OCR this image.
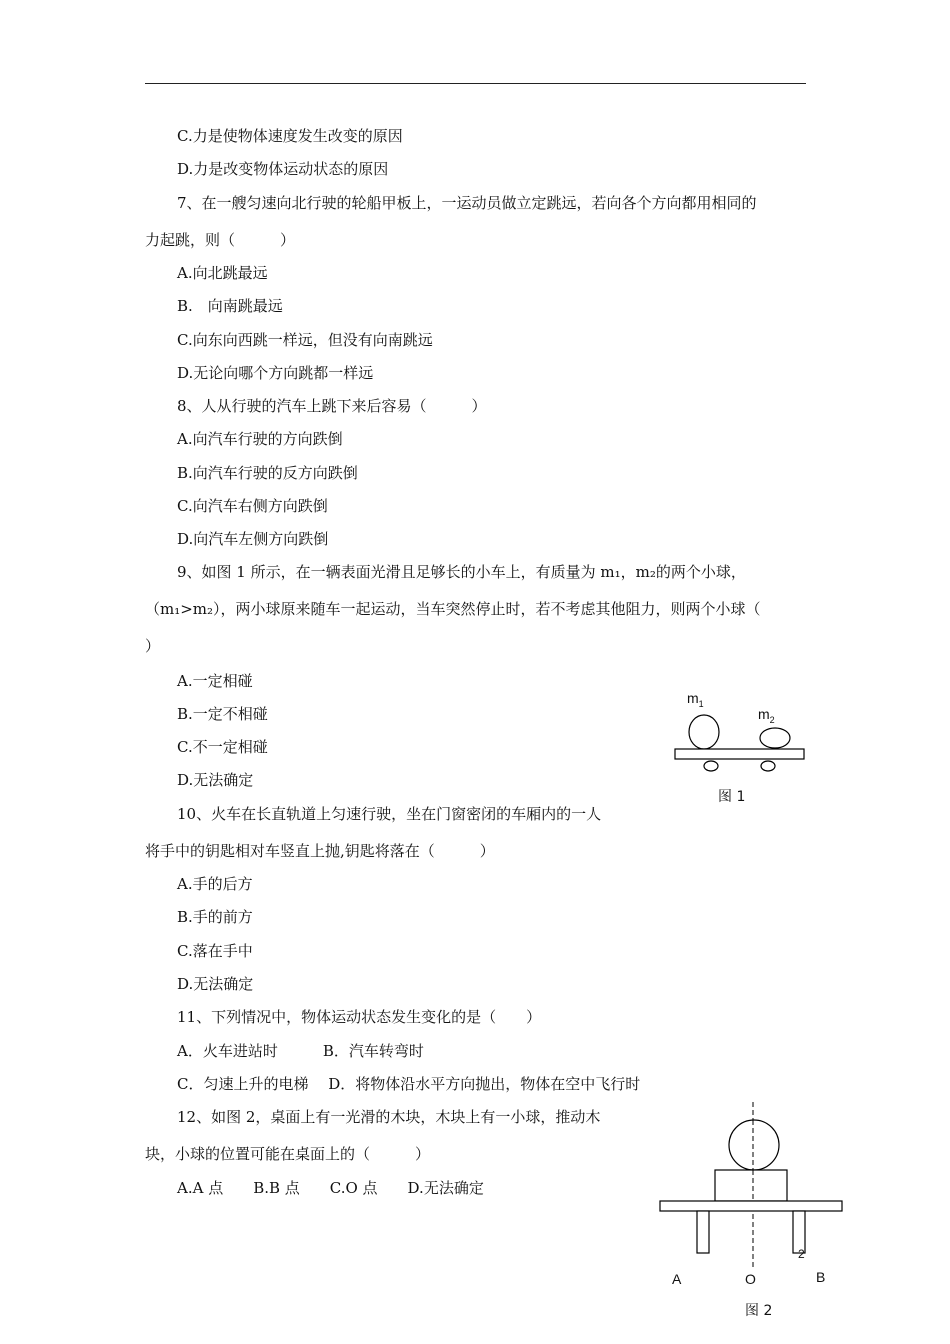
C.力是使物体速度发生改变的原因
D.力是改变物体运动状态的原因
7、在一艘匀速向北行驶的轮船甲板上，一运动员做立定跳远，若向各个方向都用相同的
力起跳，则（　　　）
A.向北跳最远
B.　向南跳最远
C.向东向西跳一样远，但没有向南跳远
D.无论向哪个方向跳都一样远
8、人从行驶的汽车上跳下来后容易（　　　）
A.向汽车行驶的方向跌倒
B.向汽车行驶的反方向跌倒
C.向汽车右侧方向跌倒
D.向汽车左侧方向跌倒
9、如图 1 所示，在一辆表面光滑且足够长的小车上，有质量为 m₁，m₂的两个小球，
（m₁>m₂），两小球原来随车一起运动，当车突然停止时，若不考虑其他阻力，则两个小球（
）
A.一定相碰
B.一定不相碰
C.不一定相碰
D.无法确定
$m_1$
$m_2$
图 1
10、火车在长直轨道上匀速行驶，坐在门窗密闭的车厢内的一人
将手中的钥匙相对车竖直上抛,钥匙将落在（　　　）
A.手的后方
B.手的前方
C.落在手中
D.无法确定
11、下列情况中，物体运动状态发生变化的是（　　）
A．火车进站时　　　B．汽车转弯时
C．匀速上升的电梯　 D．将物体沿水平方向抛出，物体在空中飞行时
12、如图 2，桌面上有一光滑的木块，木块上有一小球，推动木
块，小球的位置可能在桌面上的（　　　）
A.A 点　　B.B 点　　C.O 点　　D.无法确定
2
A	O	B
图 2
